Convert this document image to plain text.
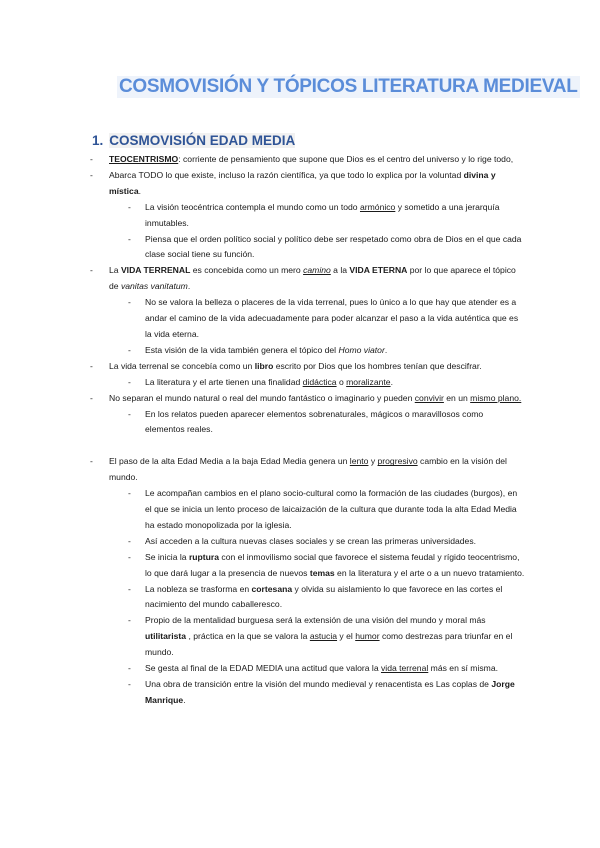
COSMOVISIÓN Y TÓPICOS LITERATURA MEDIEVAL
1. COSMOVISIÓN EDAD MEDIA
- TEOCENTRISMO: corriente de pensamiento que supone que Dios es el centro del universo y lo rige todo,
- Abarca TODO lo que existe, incluso la razón científica, ya que todo lo explica por la voluntad divina y mística.
- La visión teocéntrica contempla el mundo como un todo armónico y sometido a una jerarquía inmutables.
- Piensa que el orden político social y político debe ser respetado como obra de Dios en el que cada clase social tiene su función.
- La VIDA TERRENAL es concebida como un mero camino a la VIDA ETERNA por lo que aparece el tópico de vanitas vanitatum.
- No se valora la belleza o placeres de la vida terrenal, pues lo único a lo que hay que atender es a andar el camino de la vida adecuadamente para poder alcanzar el paso a la vida auténtica que es la vida eterna.
- Esta visión de la vida también genera el tópico del Homo viator.
- La vida terrenal se concebía como un libro escrito por Dios que los hombres tenían que descifrar.
- La literatura y el arte tienen una finalidad didáctica o moralizante.
- No separan el mundo natural o real del mundo fantástico o imaginario y pueden convivir en un mismo plano.
- En los relatos pueden aparecer elementos sobrenaturales, mágicos o maravillosos como elementos reales.
- El paso de la alta Edad Media a la baja Edad Media genera un lento y progresivo cambio en la visión del mundo.
- Le acompañan cambios en el plano socio-cultural como la formación de las ciudades (burgos), en el que se inicia un lento proceso de laicaización de la cultura que durante toda la alta Edad Media ha estado monopolizada por la iglesia.
- Así acceden a la cultura nuevas clases sociales y se crean las primeras universidades.
- Se inicia la ruptura con el inmovilismo social que favorece el sistema feudal y rígido teocentrismo, lo que dará lugar a la presencia de nuevos temas en la literatura y el arte o a un nuevo tratamiento.
- La nobleza se trasforma en cortesana y olvida su aislamiento lo que favorece en las cortes el nacimiento del mundo caballeresco.
- Propio de la mentalidad burguesa será la extensión de una visión del mundo y moral más utilitarista , práctica en la que se valora la astucia y el humor como destrezas para triunfar en el mundo.
- Se gesta al final de la EDAD MEDIA una actitud que valora la vida terrenal más en sí misma.
- Una obra de transición entre la visión del mundo medieval y renacentista es Las coplas de Jorge Manrique.
